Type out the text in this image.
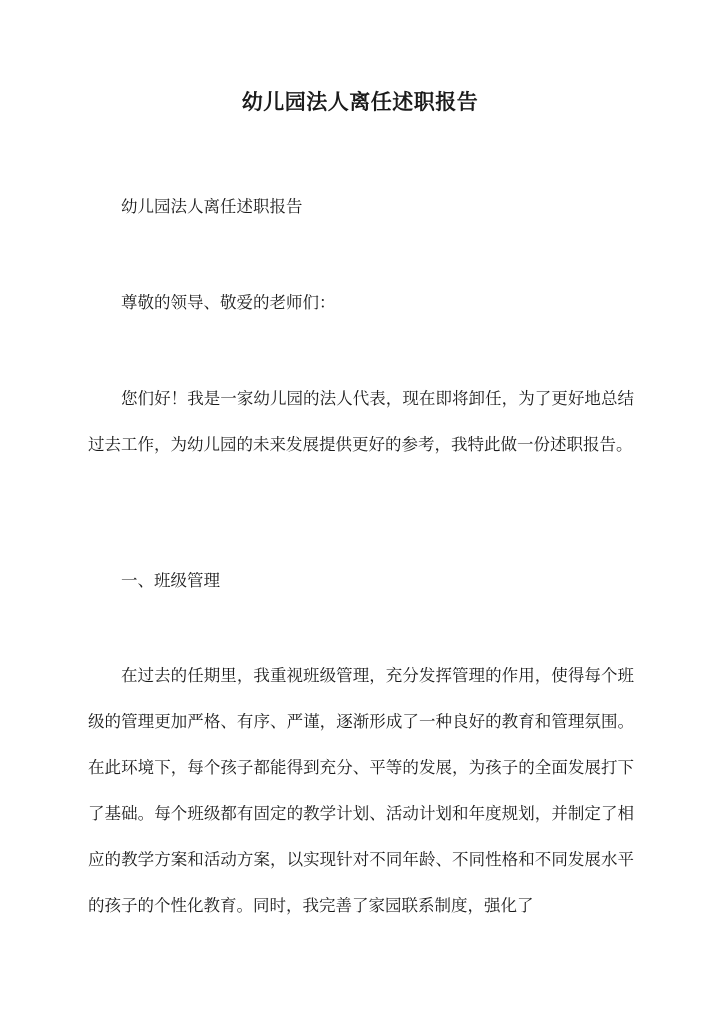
幼儿园法人离任述职报告

幼儿园法人离任述职报告

尊敬的领导、敬爱的老师们：

您们好！我是一家幼儿园的法人代表，现在即将卸任，为了更好地总结过去工作，为幼儿园的未来发展提供更好的参考，我特此做一份述职报告。

一、班级管理

在过去的任期里，我重视班级管理，充分发挥管理的作用，使得每个班级的管理更加严格、有序、严谨，逐渐形成了一种良好的教育和管理氛围。在此环境下，每个孩子都能得到充分、平等的发展，为孩子的全面发展打下了基础。每个班级都有固定的教学计划、活动计划和年度规划，并制定了相应的教学方案和活动方案，以实现针对不同年龄、不同性格和不同发展水平的孩子的个性化教育。同时，我完善了家园联系制度，强化了
